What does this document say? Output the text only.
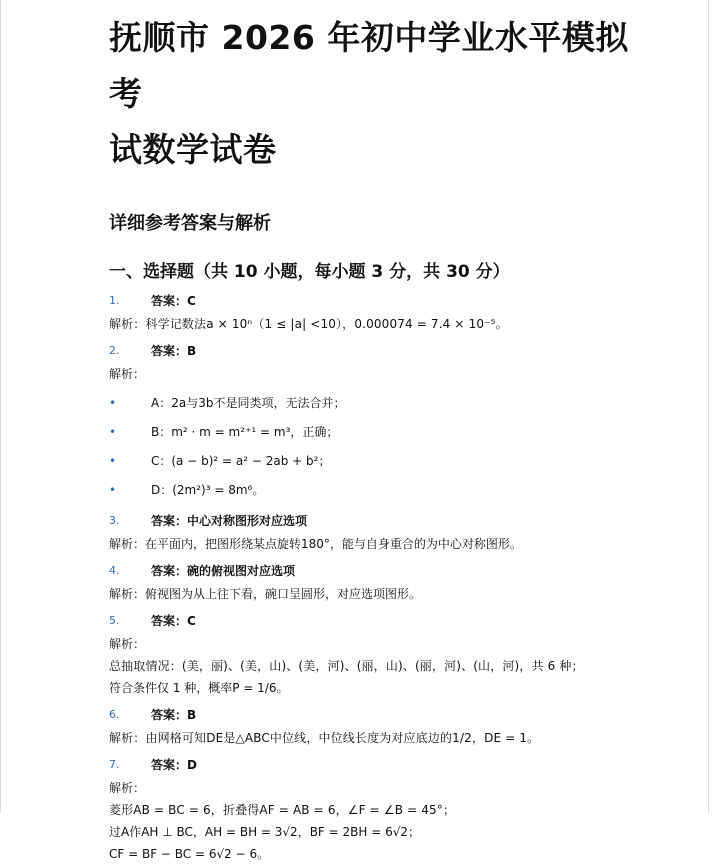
抚顺市 2026 年初中学业水平模拟考
试数学试卷
详细参考答案与解析
一、选择题（共 10 小题，每小题 3 分，共 30 分）
1.	答案：C
解析：科学记数法a × 10ⁿ（1 ≤ |a| <10），0.000074 = 7.4 × 10⁻⁵。
2.	答案：B
解析：
•	A：2a与3b不是同类项，无法合并；
•	B：m² · m = m²⁺¹ = m³，正确；
•	C：(a − b)² = a² − 2ab + b²；
•	D：(2m²)³ = 8m⁶。
3.	答案：中心对称图形对应选项
解析：在平面内，把图形绕某点旋转180°，能与自身重合的为中心对称图形。
4.	答案：碗的俯视图对应选项
解析：俯视图为从上往下看，碗口呈圆形，对应选项图形。
5.	答案：C
解析：
总抽取情况：(美，丽)、(美，山)、(美，河)、(丽，山)、(丽，河)、(山，河)，共 6 种；
符合条件仅 1 种，概率P = 1/6。
6.	答案：B
解析：由网格可知DE是△ABC中位线，中位线长度为对应底边的1/2，DE = 1。
7.	答案：D
解析：
菱形AB = BC = 6，折叠得AF = AB = 6，∠F = ∠B = 45°；
过A作AH ⊥ BC，AH = BH = 3√2，BF = 2BH = 6√2；
CF = BF − BC = 6√2 − 6。
